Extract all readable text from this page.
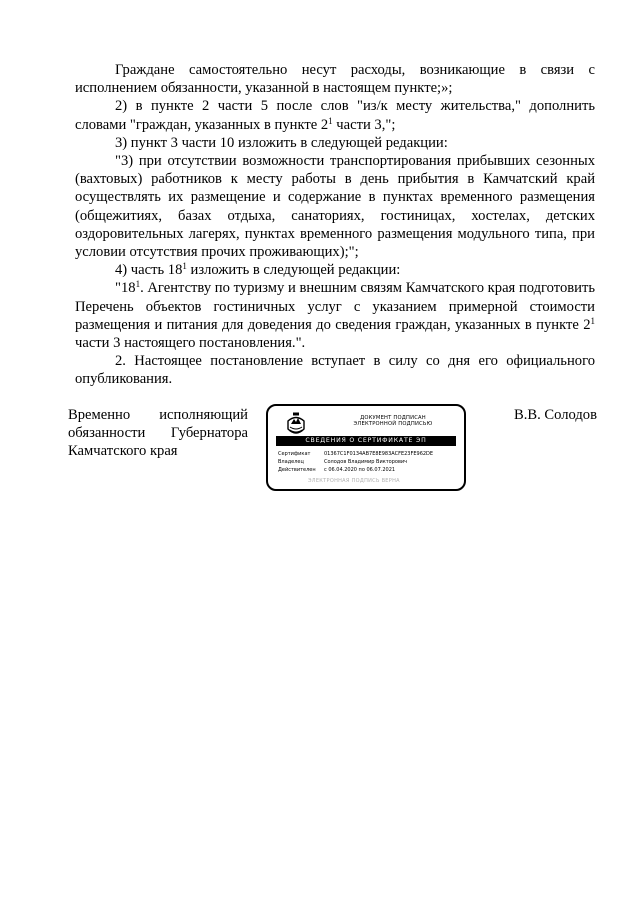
Граждане самостоятельно несут расходы, возникающие в связи с исполнением обязанности, указанной в настоящем пункте;»;

2) в пункте 2 части 5 после слов "из/к месту жительства," дополнить словами "граждан, указанных в пункте $2^1$ части 3,";

3) пункт 3 части 10 изложить в следующей редакции:

"3) при отсутствии возможности транспортирования прибывших сезонных (вахтовых) работников к месту работы в день прибытия в Камчатский край осуществлять их размещение и содержание в пунктах временного размещения (общежитиях, базах отдыха, санаториях, гостиницах, хостелах, детских оздоровительных лагерях, пунктах временного размещения модульного типа, при условии отсутствия прочих проживающих);";

4) часть $18^1$ изложить в следующей редакции:

"$18^1$. Агентству по туризму и внешним связям Камчатского края подготовить Перечень объектов гостиничных услуг с указанием примерной стоимости размещения и питания для доведения до сведения граждан, указанных в пункте $2^1$ части 3 настоящего постановления.".

2. Настоящее постановление вступает в силу со дня его официального опубликования.

Временно исполняющий
обязанности Губернатора
Камчатского края
ДОКУМЕНТ ПОДПИСАН
ЭЛЕКТРОННОЙ ПОДПИСЬЮ
СВЕДЕНИЯ О СЕРТИФИКАТЕ ЭП
Сертификат	01367C1F0134AB7E8E983ACFE23FE962DE
Владелец	Солодов Владимир Викторович
Действителен	с 06.04.2020 по 06.07.2021
ЭЛЕКТРОННАЯ ПОДПИСЬ ВЕРНА
В.В. Солодов
